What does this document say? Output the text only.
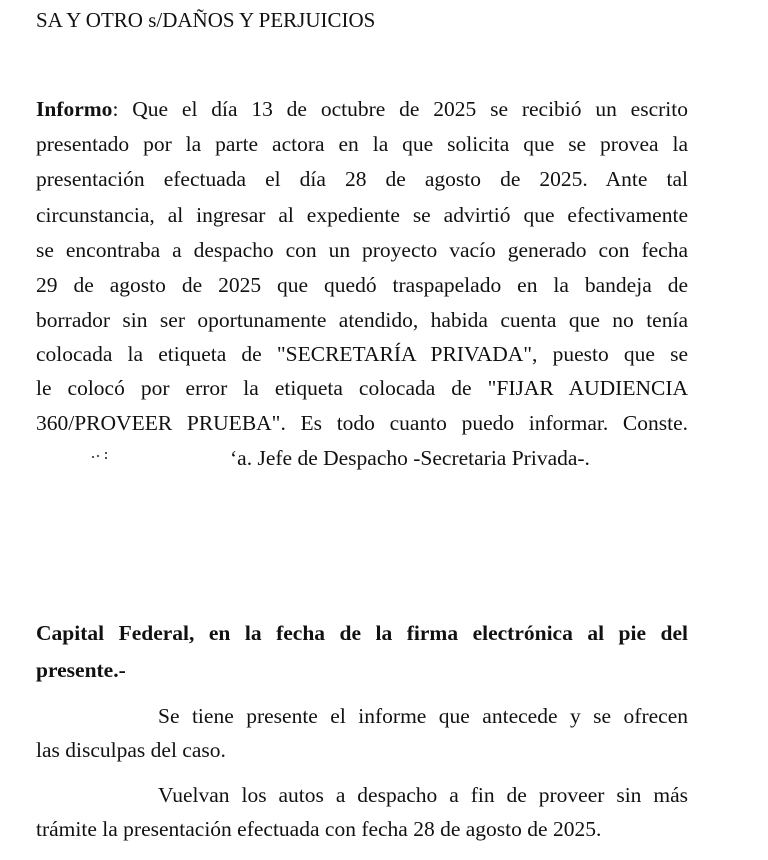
SA Y OTRO s/DAÑOS Y PERJUICIOS
Informo: Que el día 13 de octubre de 2025 se recibió un escrito
presentado por la parte actora en la que solicita que se provea la
presentación efectuada el día 28 de agosto de 2025. Ante tal
circunstancia, al ingresar al expediente se advirtió que efectivamente
se encontraba a despacho con un proyecto vacío generado con fecha
29 de agosto de 2025 que quedó traspapelado en la bandeja de
borrador sin ser oportunamente atendido, habida cuenta que no tenía
colocada la etiqueta de "SECRETARÍA PRIVADA", puesto que se
le colocó por error la etiqueta colocada de "FIJAR AUDIENCIA
360/PROVEER PRUEBA". Es todo cuanto puedo informar. Conste.
ʻa. Jefe de Despacho -Secretaria Privada-.
Capital Federal, en la fecha de la firma electrónica al pie del
presente.-
Se tiene presente el informe que antecede y se ofrecen
las disculpas del caso.
Vuelvan los autos a despacho a fin de proveer sin más
trámite la presentación efectuada con fecha 28 de agosto de 2025.
